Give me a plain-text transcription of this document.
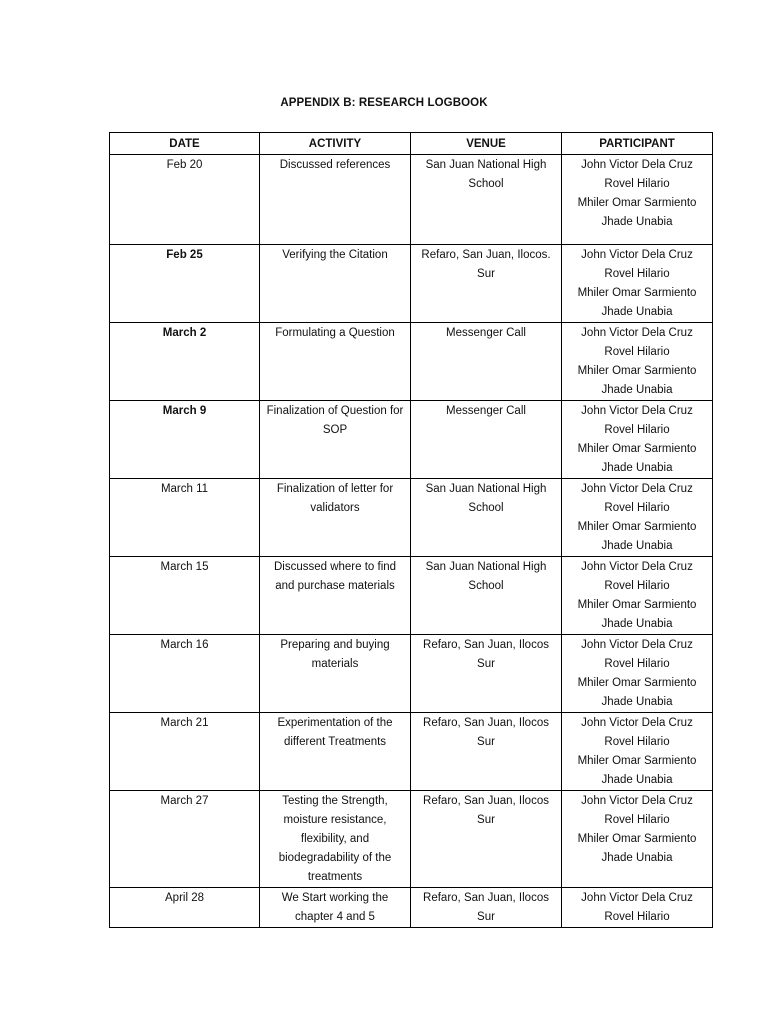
APPENDIX B: RESEARCH LOGBOOK
DATE	ACTIVITY	VENUE	PARTICIPANT
Feb 20	Discussed references	San Juan National High School	John Victor Dela Cruz
Rovel Hilario
Mhiler Omar Sarmiento
Jhade Unabia

Feb 25	Verifying the Citation	Refaro, San Juan, Ilocos. Sur	John Victor Dela Cruz
Rovel Hilario
Mhiler Omar Sarmiento
Jhade Unabia

March 2	Formulating a Question	Messenger Call	John Victor Dela Cruz
Rovel Hilario
Mhiler Omar Sarmiento
Jhade Unabia

March 9	Finalization of Question for SOP	Messenger Call	John Victor Dela Cruz
Rovel Hilario
Mhiler Omar Sarmiento
Jhade Unabia

March 11	Finalization of letter for validators	San Juan National High School	John Victor Dela Cruz
Rovel Hilario
Mhiler Omar Sarmiento
Jhade Unabia

March 15	Discussed where to find and purchase materials	San Juan National High School	John Victor Dela Cruz
Rovel Hilario
Mhiler Omar Sarmiento
Jhade Unabia

March 16	Preparing and buying materials	Refaro, San Juan, Ilocos Sur	John Victor Dela Cruz
Rovel Hilario
Mhiler Omar Sarmiento
Jhade Unabia

March 21	Experimentation of the different Treatments	Refaro, San Juan, Ilocos Sur	John Victor Dela Cruz
Rovel Hilario
Mhiler Omar Sarmiento
Jhade Unabia

March 27	Testing the Strength, moisture resistance, flexibility, and biodegradability of the treatments	Refaro, San Juan, Ilocos Sur	John Victor Dela Cruz
Rovel Hilario
Mhiler Omar Sarmiento
Jhade Unabia

April 28	We Start working the chapter 4 and 5	Refaro, San Juan, Ilocos Sur	John Victor Dela Cruz
Rovel Hilario
